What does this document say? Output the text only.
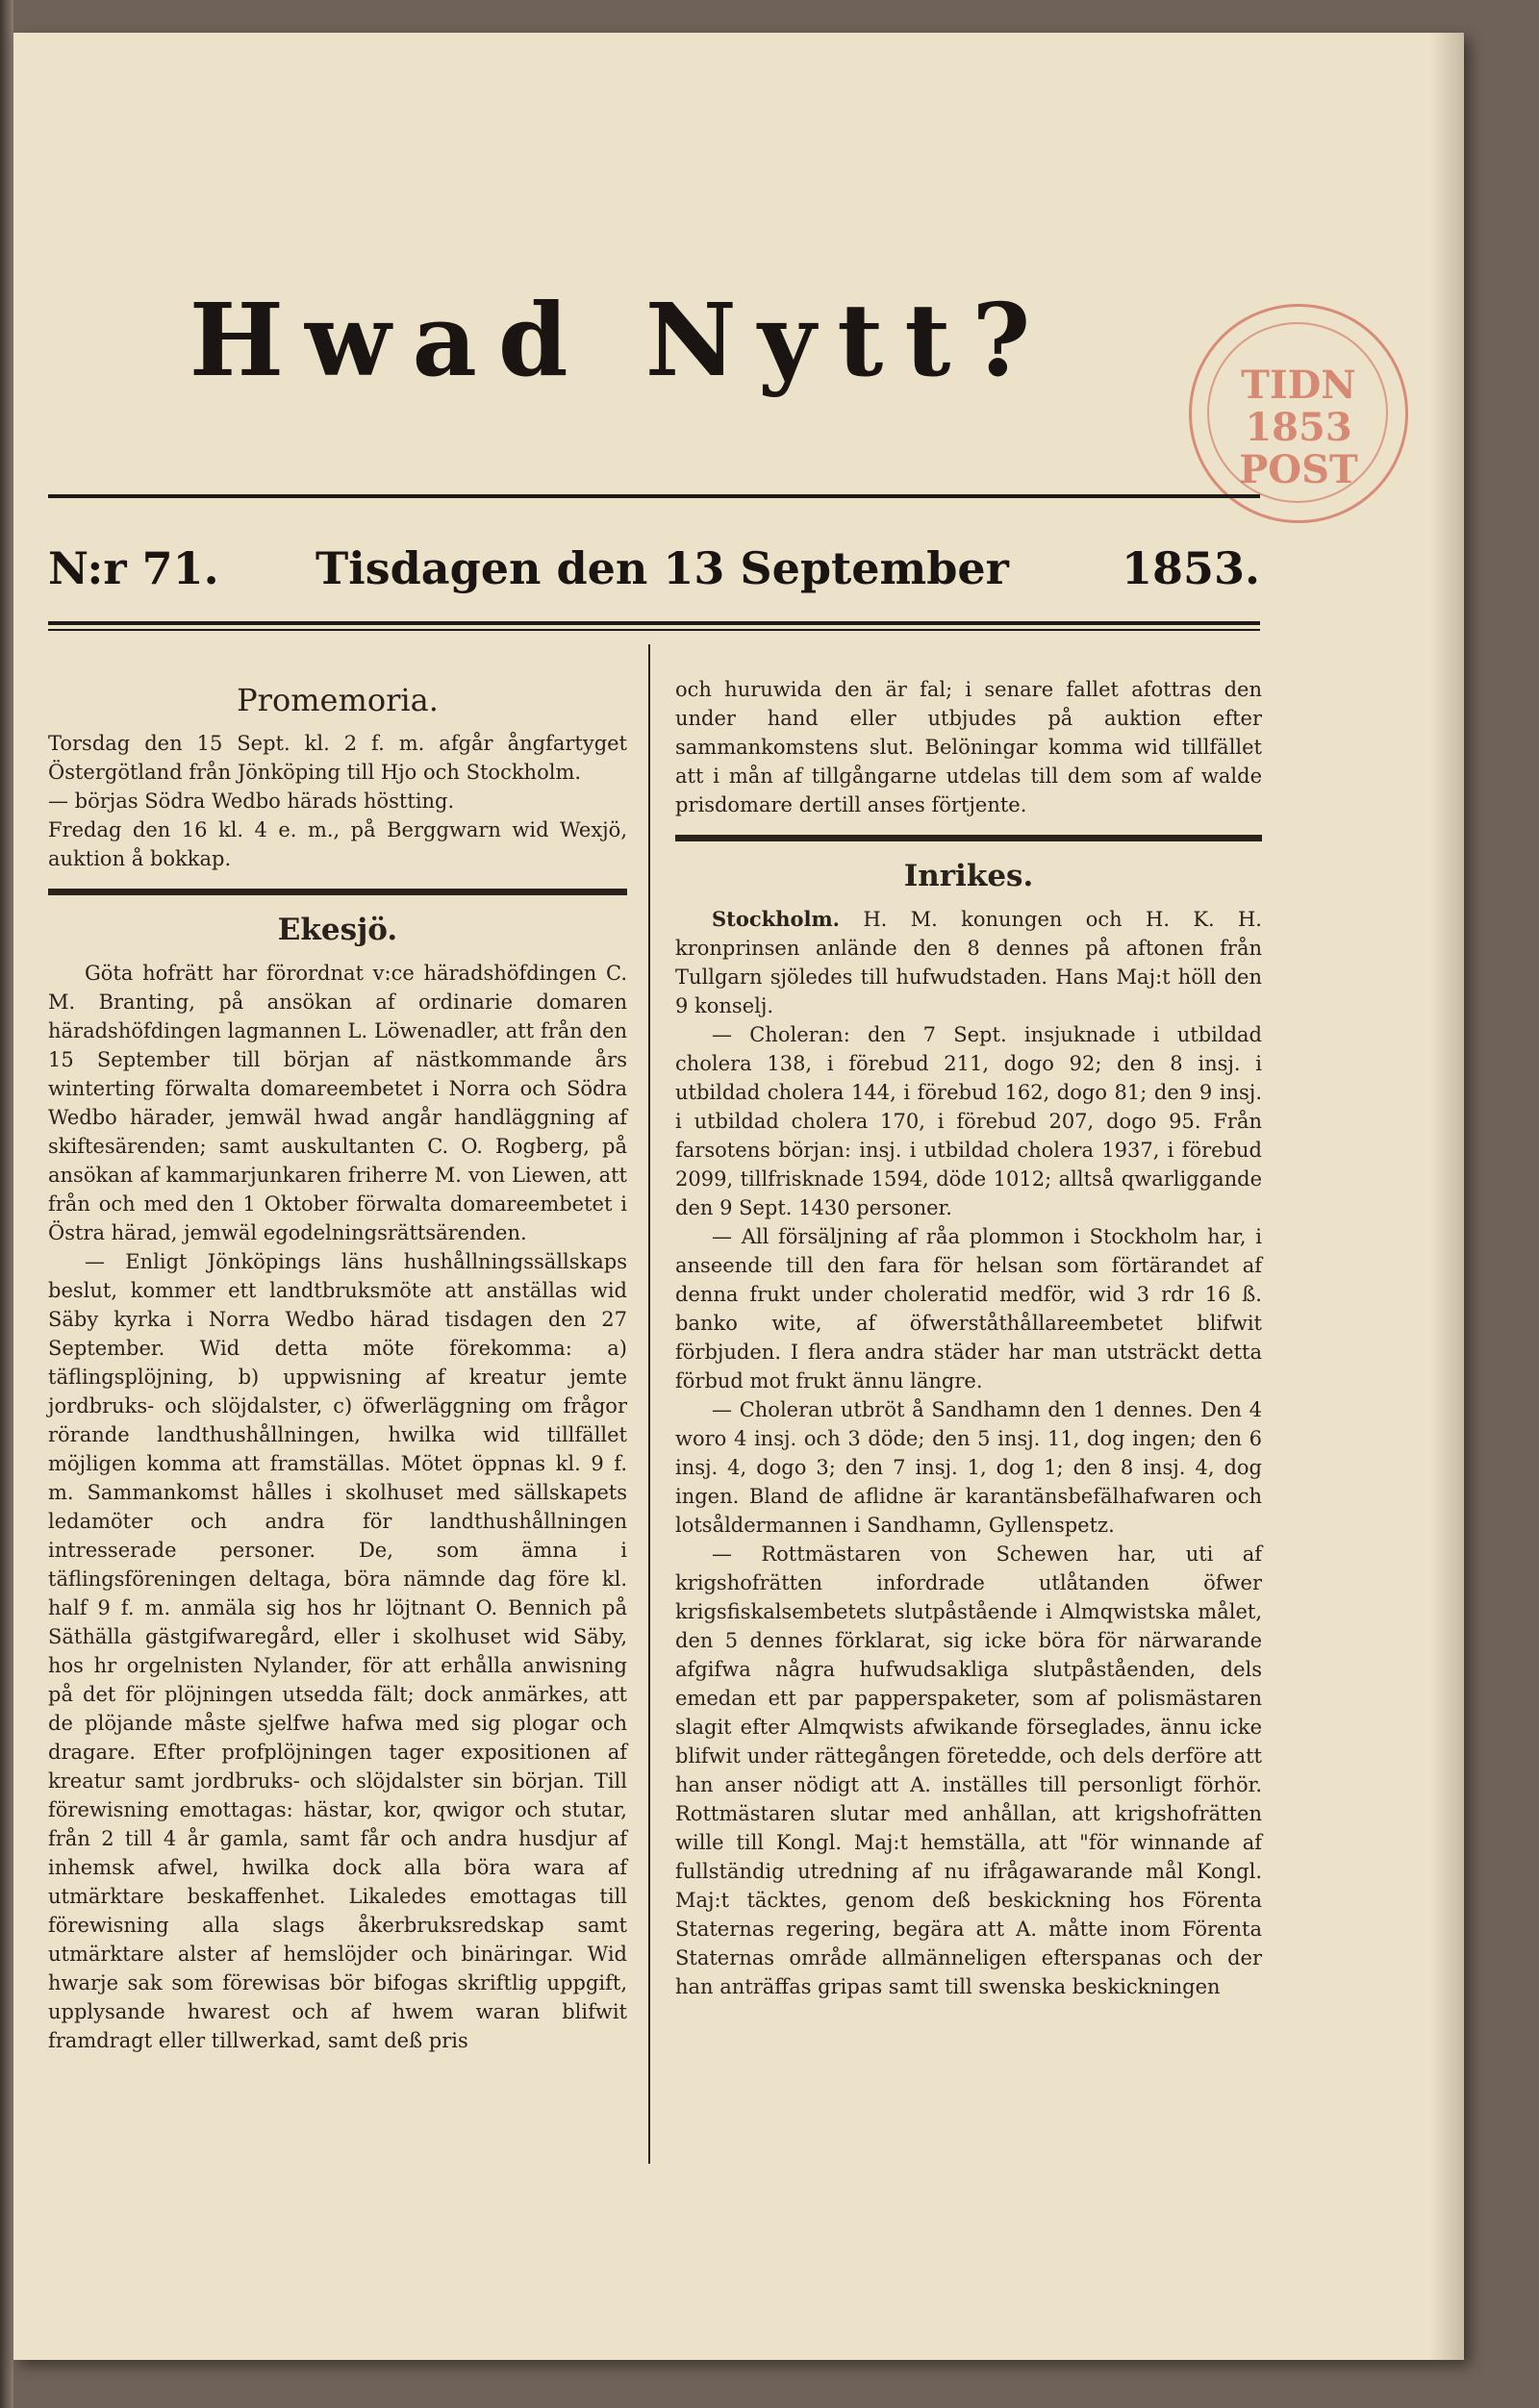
Hwad Nytt?	TIDN
1853
POST
N:r 71. Tisdagen den 13 September	1853.
Promemoria.

Torsdag den 15 Sept. kl. 2 f. m. afgår ångfartyget Östergötland från Jönköping till Hjo och Stockholm.

— börjas Södra Wedbo härads höstting.

Fredag den 16 kl. 4 e. m., på Berggwarn wid Wexjö, auktion å bokkap.

Ekesjö.

Göta hofrätt har förordnat v:ce häradshöfdingen C. M. Branting, på ansökan af ordinarie domaren häradshöfdingen lagmannen L. Löwenadler, att från den 15 September till början af nästkommande års winterting förwalta domareembetet i Norra och Södra Wedbo härader, jemwäl hwad angår handläggning af skiftesärenden; samt auskultanten C. O. Rogberg, på ansökan af kammarjunkaren friherre M. von Liewen, att från och med den 1 Oktober förwalta domareembetet i Östra härad, jemwäl egodelningsrättsärenden.

— Enligt Jönköpings läns hushållningssällskaps beslut, kommer ett landtbruksmöte att anställas wid Säby kyrka i Norra Wedbo härad tisdagen den 27 September. Wid detta möte förekomma: a) täflingsplöjning, b) uppwisning af kreatur jemte jordbruks- och slöjdalster, c) öfwerläggning om frågor rörande landthushållningen, hwilka wid tillfället möjligen komma att framställas. Mötet öppnas kl. 9 f. m. Sammankomst hålles i skolhuset med sällskapets ledamöter och andra för landthushållningen intresserade personer. De, som ämna i täflingsföreningen deltaga, böra nämnde dag före kl. half 9 f. m. anmäla sig hos hr löjtnant O. Bennich på Säthälla gästgifwaregård, eller i skolhuset wid Säby, hos hr orgelnisten Nylander, för att erhålla anwisning på det för plöjningen utsedda fält; dock anmärkes, att de plöjande måste sjelfwe hafwa med sig plogar och dragare. Efter profplöjningen tager expositionen af kreatur samt jordbruks- och slöjdalster sin början. Till förewisning emottagas: hästar, kor, qwigor och stutar, från 2 till 4 år gamla, samt får och andra husdjur af inhemsk afwel, hwilka dock alla böra wara af utmärktare beskaffenhet. Likaledes emottagas till förewisning alla slags åkerbruksredskap samt utmärktare alster af hemslöjder och binäringar. Wid hwarje sak som förewisas bör bifogas skriftlig uppgift, upplysande hwarest och af hwem waran blifwit framdragt eller tillwerkad, samt deß pris

och huruwida den är fal; i senare fallet afottras den under hand eller utbjudes på auktion efter sammankomstens slut. Belöningar komma wid tillfället att i mån af tillgångarne utdelas till dem som af walde prisdomare dertill anses förtjente.

Inrikes.

Stockholm. H. M. konungen och H. K. H. kronprinsen anlände den 8 dennes på aftonen från Tullgarn sjöledes till hufwudstaden. Hans Maj:t höll den 9 konselj.

— Choleran: den 7 Sept. insjuknade i utbildad cholera 138, i förebud 211, dogo 92; den 8 insj. i utbildad cholera 144, i förebud 162, dogo 81; den 9 insj. i utbildad cholera 170, i förebud 207, dogo 95. Från farsotens början: insj. i utbildad cholera 1937, i förebud 2099, tillfrisknade 1594, döde 1012; alltså qwarliggande den 9 Sept. 1430 personer.

— All försäljning af råa plommon i Stockholm har, i anseende till den fara för helsan som förtärandet af denna frukt under choleratid medför, wid 3 rdr 16 ß. banko wite, af öfwerståthållareembetet blifwit förbjuden. I flera andra städer har man utsträckt detta förbud mot frukt ännu längre.

— Choleran utbröt å Sandhamn den 1 dennes. Den 4 woro 4 insj. och 3 döde; den 5 insj. 11, dog ingen; den 6 insj. 4, dogo 3; den 7 insj. 1, dog 1; den 8 insj. 4, dog ingen. Bland de aflidne är karantänsbefälhafwaren och lotsåldermannen i Sandhamn, Gyllenspetz.

— Rottmästaren von Schewen har, uti af krigshofrätten infordrade utlåtanden öfwer krigsfiskalsembetets slutpåstående i Almqwistska målet, den 5 dennes förklarat, sig icke böra för närwarande afgifwa några hufwudsakliga slutpåståenden, dels emedan ett par papperspaketer, som af polismästaren slagit efter Almqwists afwikande förseglades, ännu icke blifwit under rättegången företedde, och dels derföre att han anser nödigt att A. inställes till personligt förhör. Rottmästaren slutar med anhållan, att krigshofrätten wille till Kongl. Maj:t hemställa, att "för winnande af fullständig utredning af nu ifrågawarande mål Kongl. Maj:t täcktes, genom deß beskickning hos Förenta Staternas regering, begära att A. måtte inom Förenta Staternas område allmänneligen efterspanas och der han anträffas gripas samt till swenska beskickningen
